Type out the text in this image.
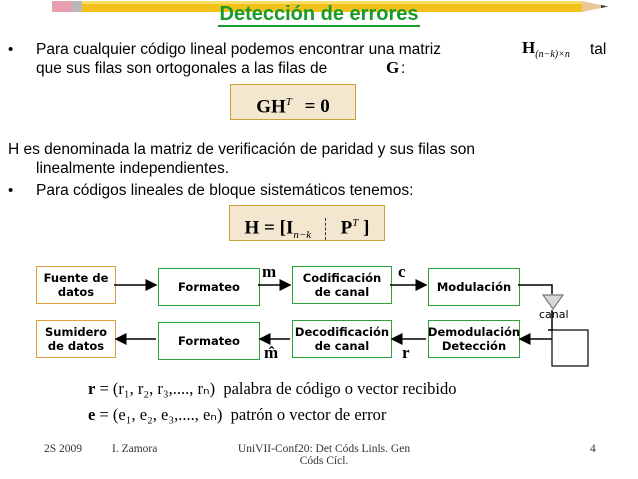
Detección de errores
• Para cualquier código lineal podemos encontrar una matriz	$H_{(n-k)\times n}$ tal
que sus filas son ortogonales a las filas de	G :
$GH^T = 0$
H es denominada la matriz de verificación de paridad y sus filas son
linealmente independientes.
• Para códigos lineales de bloque sistemáticos tenemos:
$H = [I_{n-k}$ $P^T$ ]
Fuente de
datos	Formateo
Codificación
de canal	Modulación
Sumidero
de datos	Formateo
Decodificación
de canal
Demodulación
Detección
canal
m	c
m̂	r
r = (r₁, r₂, r₃,...., rₙ) palabra de código o vector recibido
e = (e₁, e₂, e₃,...., eₙ) patrón o vector de error
2S 2009	I. Zamora	UniVII-Conf20: Det Códs Linls. Gen
Códs Cícl.
4
